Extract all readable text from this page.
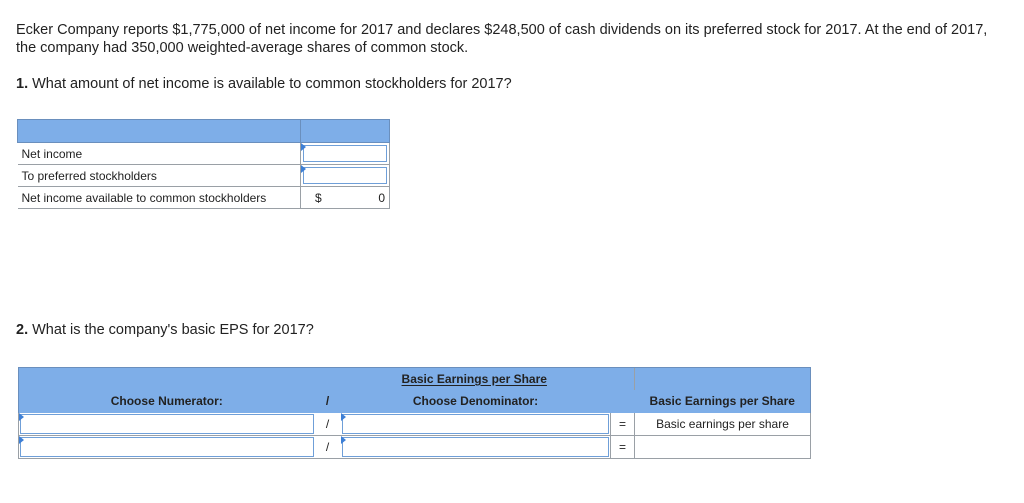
Ecker Company reports $1,775,000 of net income for 2017 and declares $248,500 of cash dividends on its preferred stock for 2017. At the end of 2017, the company had 350,000 weighted-average shares of common stock.
1. What amount of net income is available to common stockholders for 2017?

Net income	

To preferred stockholders	

Net income available to common stockholders	$ 0
2. What is the company's basic EPS for 2017?
	Basic Earnings per Share			
Choose Numerator:	/	Choose Denominator:		Basic Earnings per Share

	/		=	Basic earnings per share

	/		=	
